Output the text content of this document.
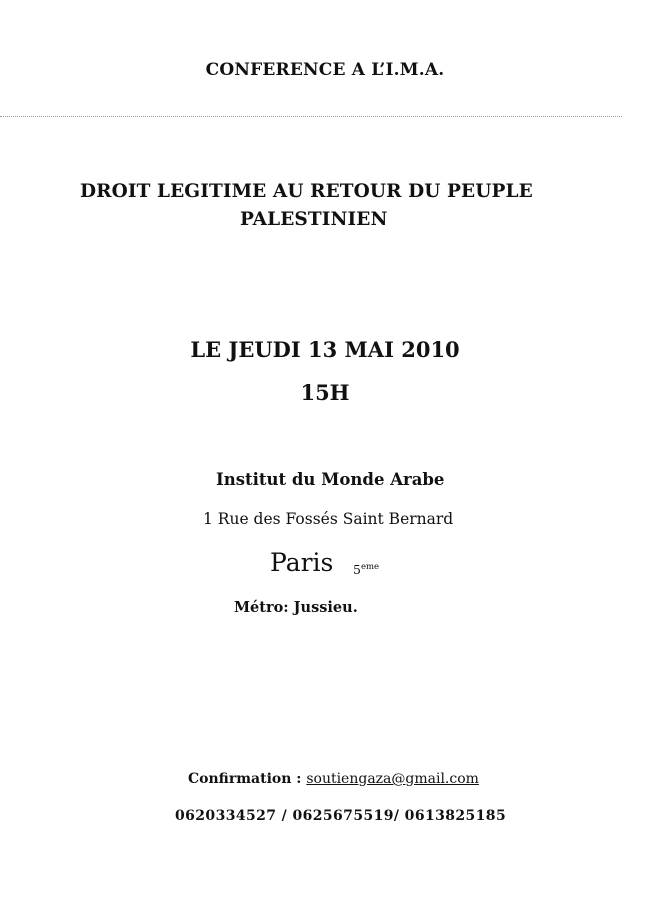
CONFERENCE A L’I.M.A.
DROIT LEGITIME AU RETOUR DU PEUPLE
PALESTINIEN
LE JEUDI 13 MAI 2010
15H
Institut du Monde Arabe
1 Rue des Fossés Saint Bernard
Paris 5eme
Métro: Jussieu.
Confirmation : soutiengaza@gmail.com
0620334527 / 0625675519/ 0613825185
